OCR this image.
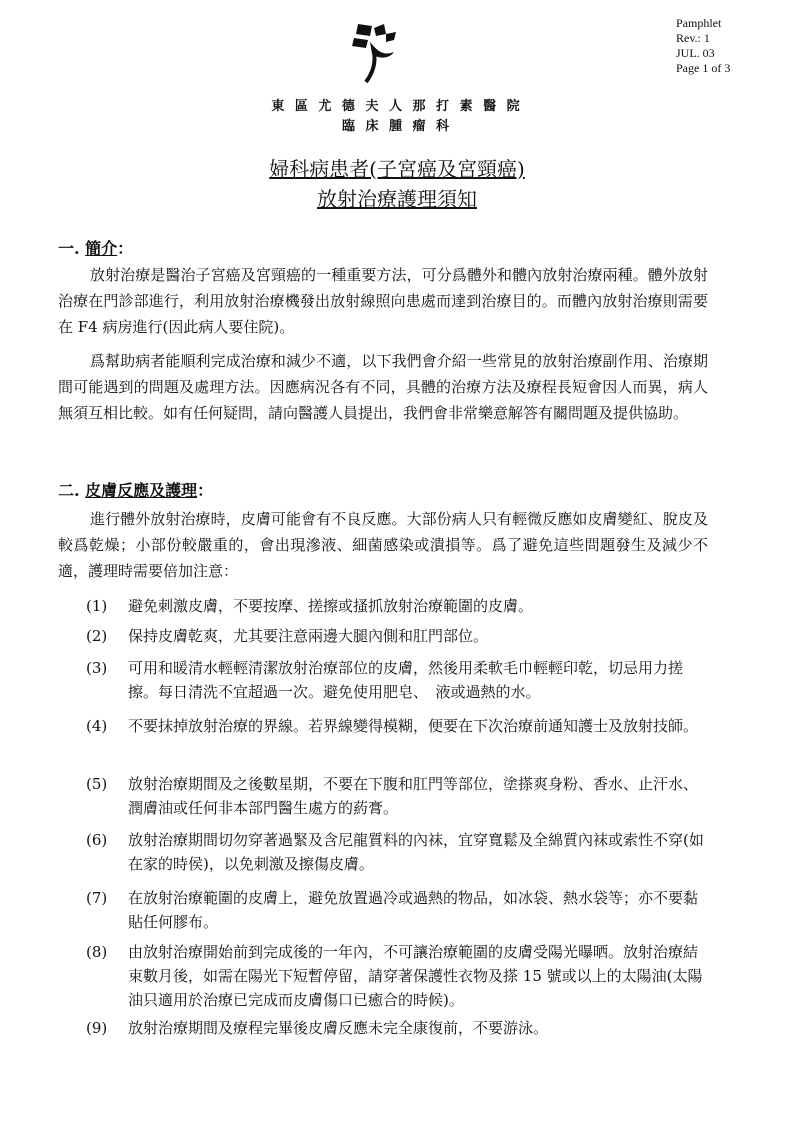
Pamphlet
Rev.: 1
JUL. 03
Page 1 of 3
東 區 尤 德 夫 人 那 打 素 醫 院
臨 床 腫 瘤 科
婦科病患者(子宮癌及宮頸癌)
放射治療護理須知
一. 簡介：
放射治療是醫治子宮癌及宮頸癌的一種重要方法，可分爲體外和體內放射治療兩種。體外放射治療在門診部進行，利用放射治療機發出放射線照向患處而達到治療目的。而體內放射治療則需要在 F4 病房進行(因此病人要住院)。
爲幫助病者能順利完成治療和減少不適，以下我們會介紹一些常見的放射治療副作用、治療期間可能遇到的問題及處理方法。因應病況各有不同，具體的治療方法及療程長短會因人而異，病人無須互相比較。如有任何疑問，請向醫護人員提出，我們會非常樂意解答有關問題及提供協助。
二. 皮膚反應及護理：
進行體外放射治療時，皮膚可能會有不良反應。大部份病人只有輕微反應如皮膚變紅、脫皮及較爲乾燥；小部份較嚴重的，會出現滲液、細菌感染或潰損等。爲了避免這些問題發生及減少不適，護理時需要倍加注意：
(1)	避免刺激皮膚，不要按摩、搓擦或搔抓放射治療範圍的皮膚。
(2)	保持皮膚乾爽，尤其要注意兩邊大腿內側和肛門部位。
(3)	可用和暖清水輕輕清潔放射治療部位的皮膚，然後用柔軟毛巾輕輕印乾，切忌用力搓擦。每日清洗不宜超過一次。避免使用肥皂、　液或過熱的水。
(4)	不要抹掉放射治療的界線。若界線變得模糊，便要在下次治療前通知護士及放射技師。
(5)	放射治療期間及之後數星期，不要在下腹和肛門等部位，塗搽爽身粉、香水、止汗水、潤膚油或任何非本部門醫生處方的葯膏。
(6)	放射治療期間切勿穿著過緊及含尼龍質料的內袜，宜穿寬鬆及全綿質內袜或索性不穿(如在家的時侯)，以免刺激及擦傷皮膚。
(7)	在放射治療範圍的皮膚上，避免放置過冷或過熱的物品，如冰袋、熱水袋等；亦不要黏貼任何膠布。
(8)	由放射治療開始前到完成後的一年內，不可讓治療範圍的皮膚受陽光曝晒。放射治療結束數月後，如需在陽光下短暫停留，請穿著保護性衣物及搽 15 號或以上的太陽油(太陽油只適用於治療已完成而皮膚傷口已癒合的時候)。
(9)	放射治療期間及療程完畢後皮膚反應未完全康復前，不要游泳。
